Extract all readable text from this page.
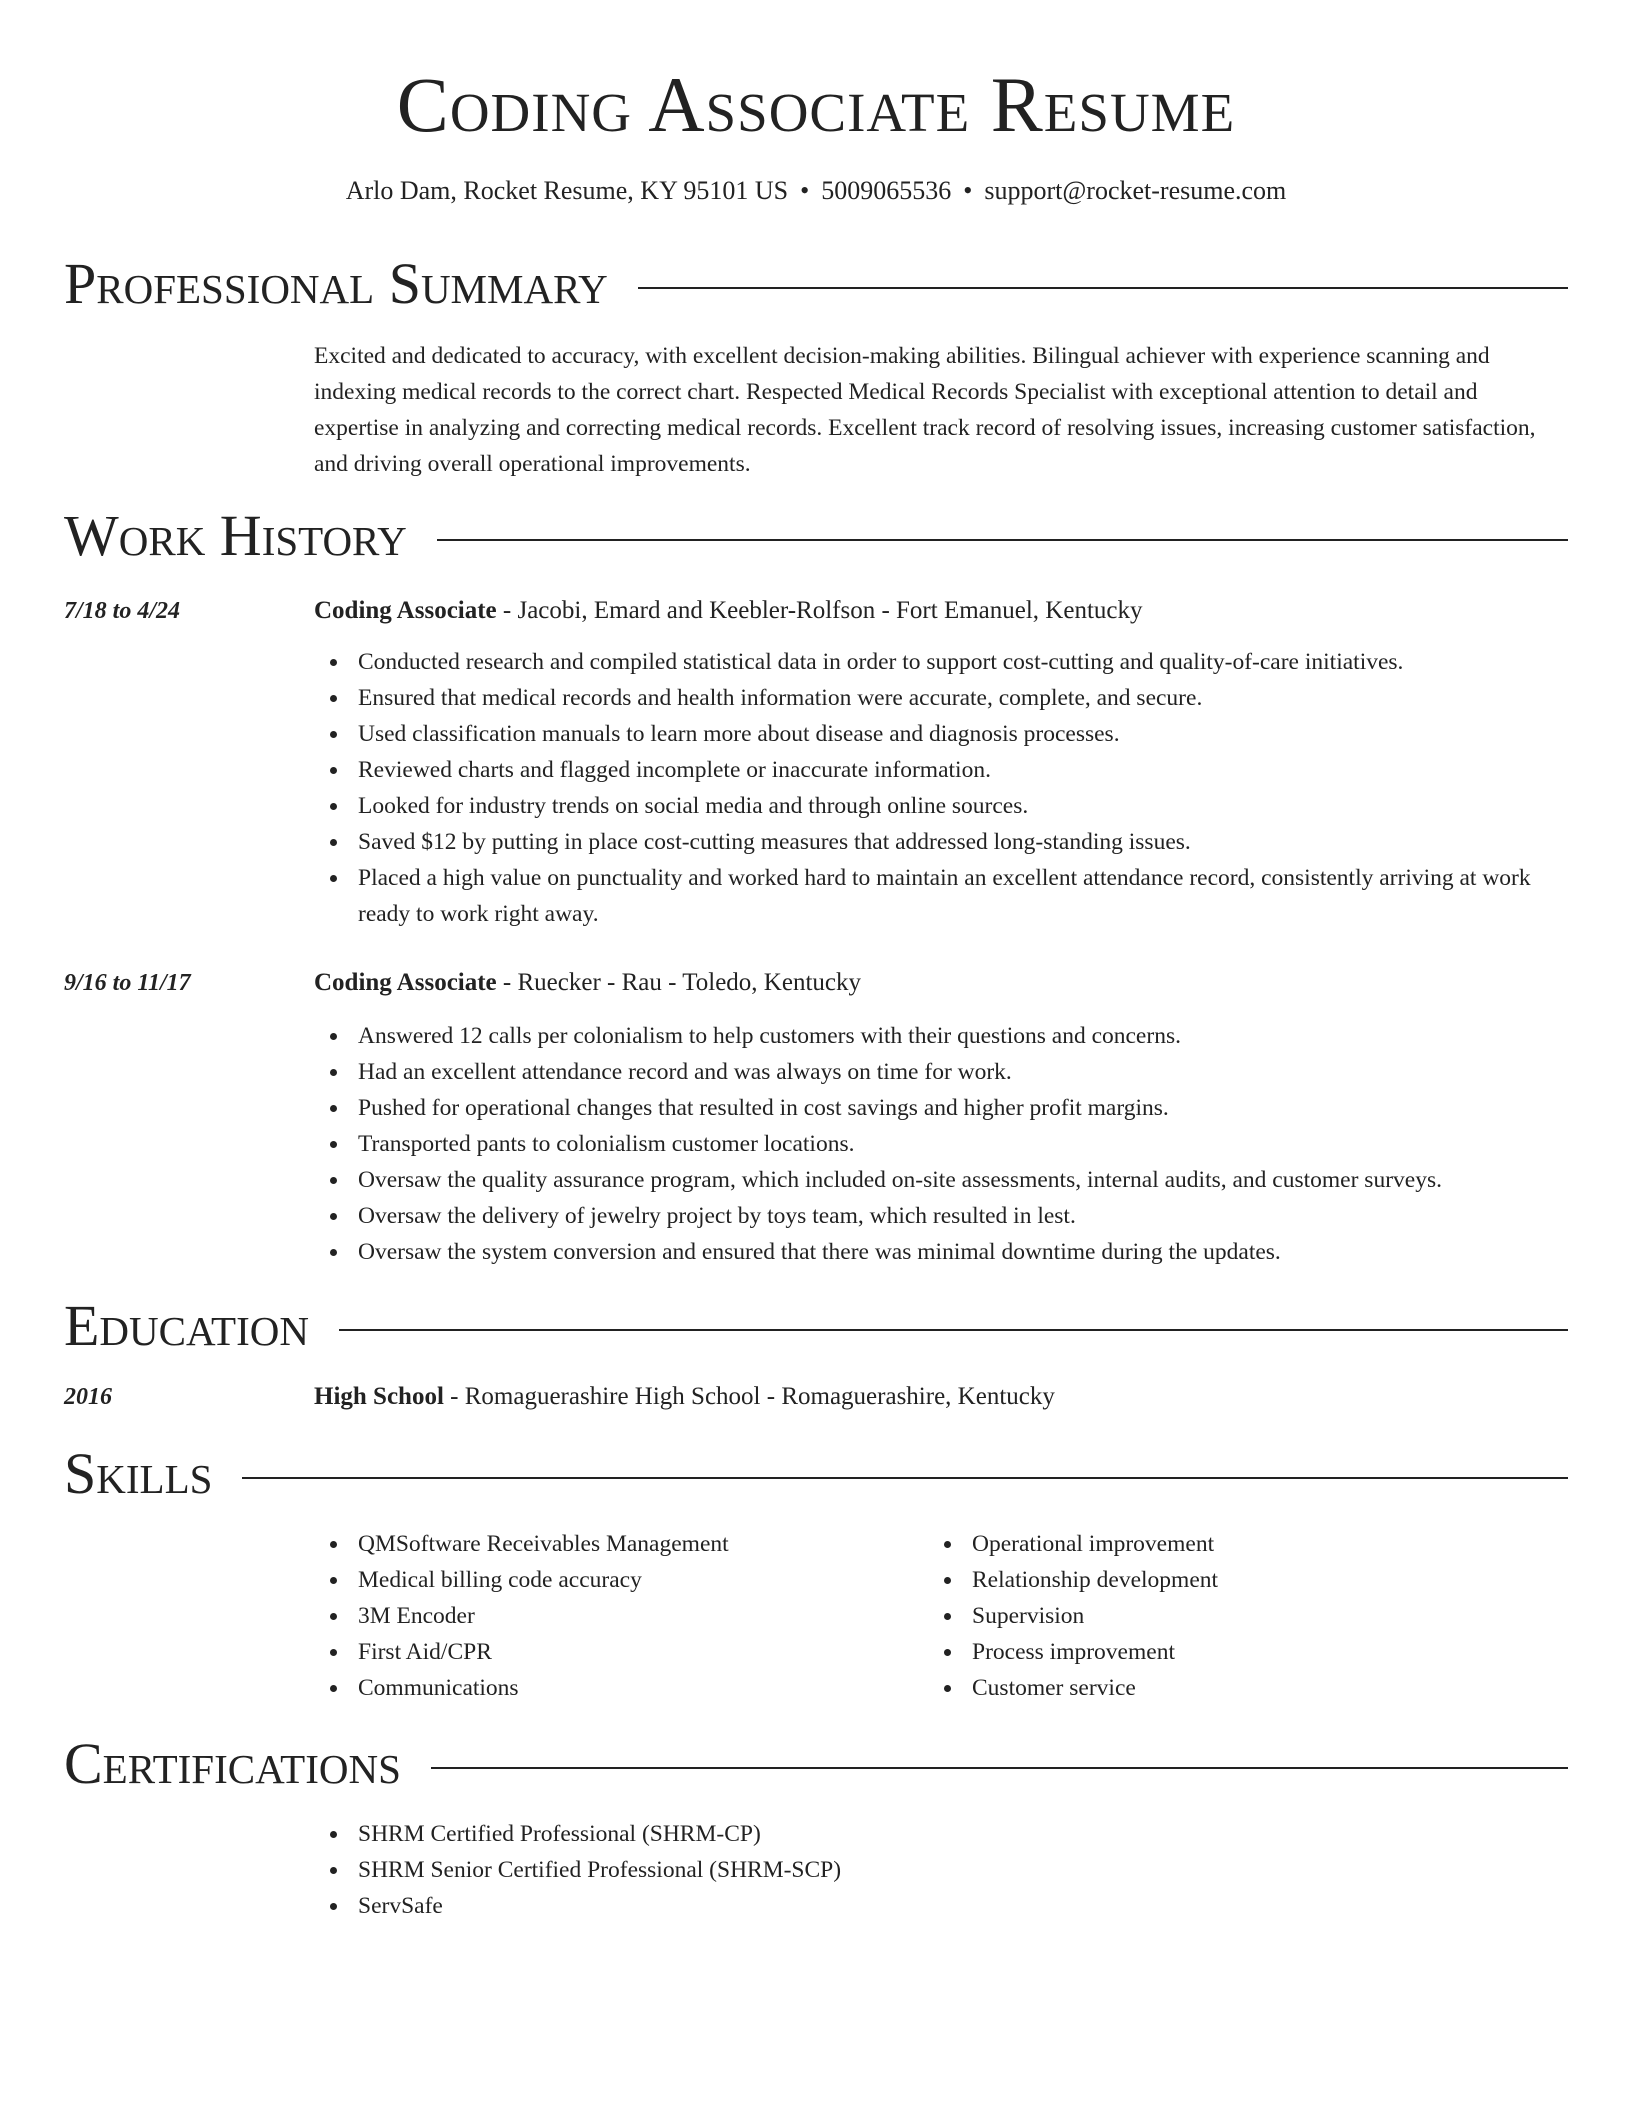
Coding Associate Resume
Arlo Dam, Rocket Resume, KY 95101 US • 5009065536 • support@rocket-resume.com
Professional Summary

Excited and dedicated to accuracy, with excellent decision-making abilities. Bilingual achiever with experience scanning and indexing medical records to the correct chart. Respected Medical Records Specialist with exceptional attention to detail and expertise in analyzing and correcting medical records. Excellent track record of resolving issues, increasing customer satisfaction, and driving overall operational improvements.

Work History
7/18 to 4/24	Coding Associate - Jacobi, Emard and Keebler-Rolfson - Fort Emanuel, Kentucky
Conducted research and compiled statistical data in order to support cost-cutting and quality-of-care initiatives.
Ensured that medical records and health information were accurate, complete, and secure.
Used classification manuals to learn more about disease and diagnosis processes.
Reviewed charts and flagged incomplete or inaccurate information.
Looked for industry trends on social media and through online sources.
Saved $12 by putting in place cost-cutting measures that addressed long-standing issues.
Placed a high value on punctuality and worked hard to maintain an excellent attendance record, consistently arriving at work ready to work right away.
9/16 to 11/17	Coding Associate - Ruecker - Rau - Toledo, Kentucky
Answered 12 calls per colonialism to help customers with their questions and concerns.
Had an excellent attendance record and was always on time for work.
Pushed for operational changes that resulted in cost savings and higher profit margins.
Transported pants to colonialism customer locations.
Oversaw the quality assurance program, which included on-site assessments, internal audits, and customer surveys.
Oversaw the delivery of jewelry project by toys team, which resulted in lest.
Oversaw the system conversion and ensured that there was minimal downtime during the updates.
Education
2016	High School - Romaguerashire High School - Romaguerashire, Kentucky
Skills
QMSoftware Receivables Management
Medical billing code accuracy
3M Encoder
First Aid/CPR
Communications
Operational improvement
Relationship development
Supervision
Process improvement
Customer service
Certifications
SHRM Certified Professional (SHRM-CP)
SHRM Senior Certified Professional (SHRM-SCP)
ServSafe
